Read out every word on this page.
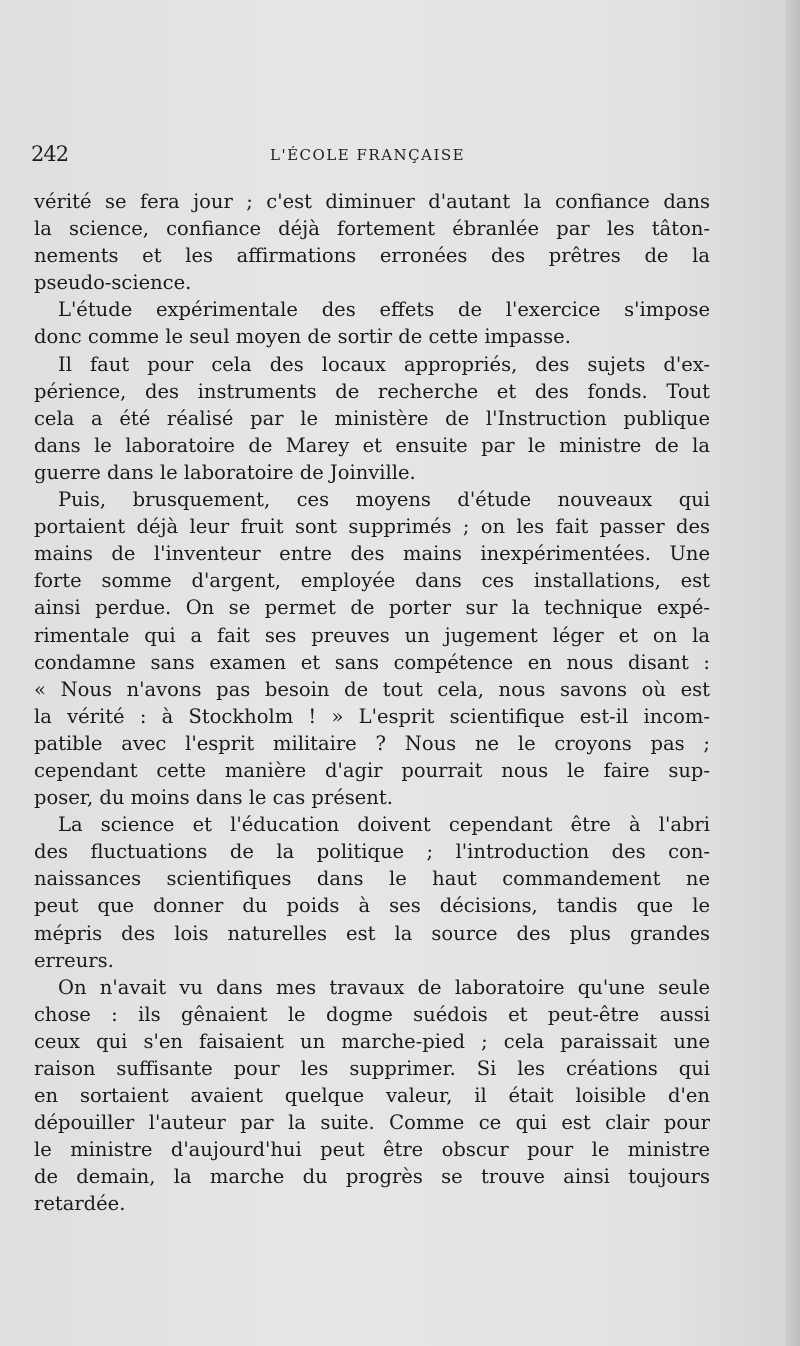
242	L'ÉCOLE FRANÇAISE
vérité se fera jour ; c'est diminuer d'autant la confiance dans
la science, confiance déjà fortement ébranlée par les tâton-
nements et les affirmations erronées des prêtres de la
pseudo-science.
L'étude expérimentale des effets de l'exercice s'impose
donc comme le seul moyen de sortir de cette impasse.
Il faut pour cela des locaux appropriés, des sujets d'ex-
périence, des instruments de recherche et des fonds. Tout
cela a été réalisé par le ministère de l'Instruction publique
dans le laboratoire de Marey et ensuite par le ministre de la
guerre dans le laboratoire de Joinville.
Puis, brusquement, ces moyens d'étude nouveaux qui
portaient déjà leur fruit sont supprimés ; on les fait passer des
mains de l'inventeur entre des mains inexpérimentées. Une
forte somme d'argent, employée dans ces installations, est
ainsi perdue. On se permet de porter sur la technique expé-
rimentale qui a fait ses preuves un jugement léger et on la
condamne sans examen et sans compétence en nous disant :
« Nous n'avons pas besoin de tout cela, nous savons où est
la vérité : à Stockholm ! » L'esprit scientifique est-il incom-
patible avec l'esprit militaire ? Nous ne le croyons pas ;
cependant cette manière d'agir pourrait nous le faire sup-
poser, du moins dans le cas présent.
La science et l'éducation doivent cependant être à l'abri
des fluctuations de la politique ; l'introduction des con-
naissances scientifiques dans le haut commandement ne
peut que donner du poids à ses décisions, tandis que le
mépris des lois naturelles est la source des plus grandes
erreurs.
On n'avait vu dans mes travaux de laboratoire qu'une seule
chose : ils gênaient le dogme suédois et peut-être aussi
ceux qui s'en faisaient un marche-pied ; cela paraissait une
raison suffisante pour les supprimer. Si les créations qui
en sortaient avaient quelque valeur, il était loisible d'en
dépouiller l'auteur par la suite. Comme ce qui est clair pour
le ministre d'aujourd'hui peut être obscur pour le ministre
de demain, la marche du progrès se trouve ainsi toujours
retardée.
